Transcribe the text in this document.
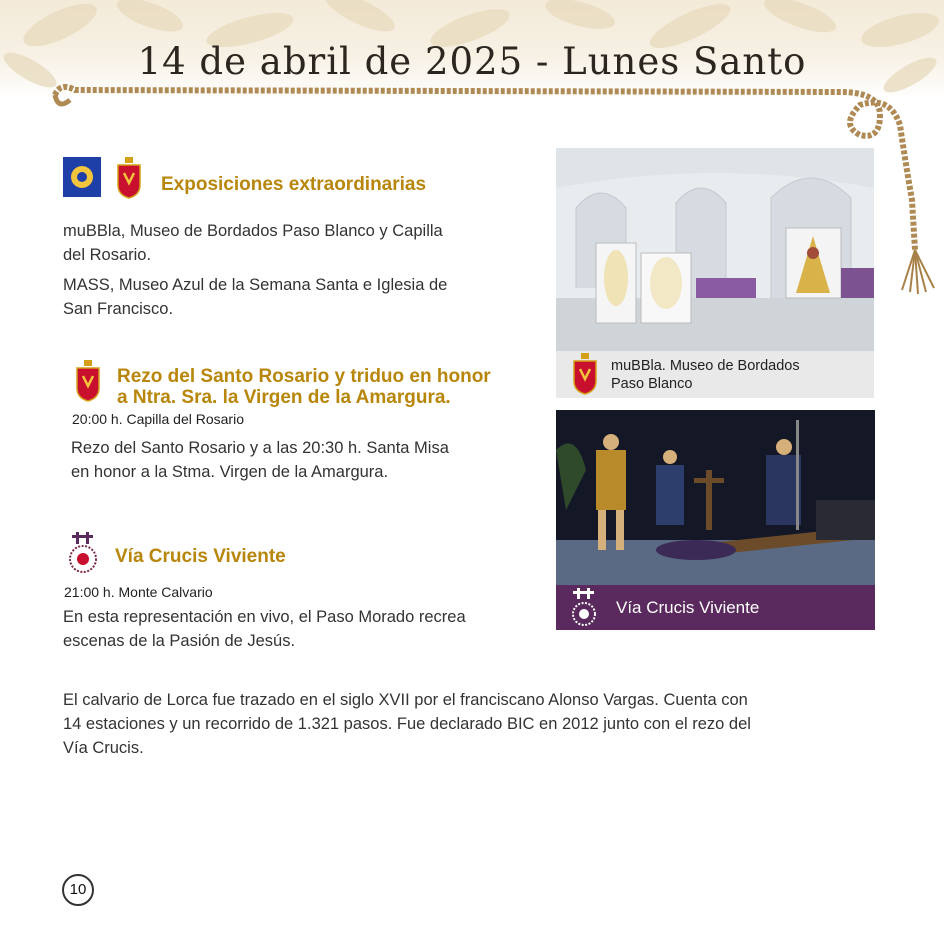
14 de abril de 2025 - Lunes Santo
Exposiciones extraordinarias
muBBla, Museo de Bordados Paso Blanco y Capilla
del Rosario.
MASS, Museo Azul de la Semana Santa e Iglesia de
San Francisco.
Rezo del Santo Rosario y triduo en honor
a Ntra. Sra. la Virgen de la Amargura.
20:00 h. Capilla del Rosario
Rezo del Santo Rosario y a las 20:30 h. Santa Misa
en honor a la Stma. Virgen de la Amargura.
Vía Crucis Viviente
21:00 h. Monte Calvario
En esta representación en vivo, el Paso Morado recrea
escenas de la Pasión de Jesús.
El calvario de Lorca fue trazado en el siglo XVII por el franciscano Alonso Vargas. Cuenta con
14 estaciones y un recorrido de 1.321 pasos. Fue declarado BIC en 2012 junto con el rezo del
Vía Crucis.
muBBla. Museo de Bordados
Paso Blanco
Vía Crucis Viviente
10
